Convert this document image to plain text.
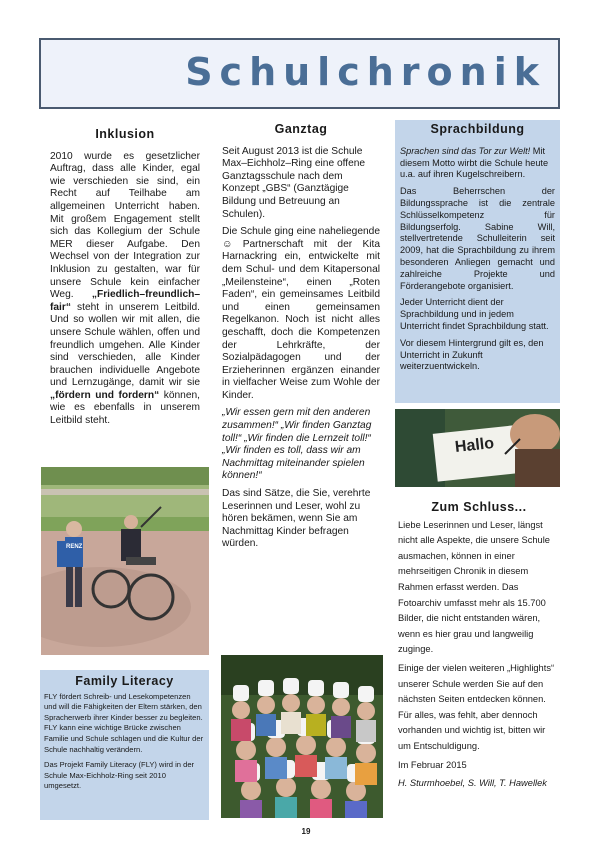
Schulchronik
Inklusion

2010 wurde es gesetzlicher Auftrag, dass alle Kinder, egal wie verschieden sie sind, ein Recht auf Teilhabe am allgemeinen Unterricht haben. Mit großem Engagement stellt sich das Kollegium der Schule MER dieser Aufgabe. Den Wechsel von der Integration zur Inklusion zu gestalten, war für unsere Schule kein einfacher Weg. „Friedlich–freundlich–fair“ steht in unserem Leitbild. Und so wollen wir mit allen, die unsere Schule wählen, offen und freundlich umgehen. Alle Kinder sind verschieden, alle Kinder brauchen individuelle Angebote und Lernzugänge, damit wir sie „fördern und fordern“ können, wie es ebenfalls in unserem Leitbild steht.

RENZ
Family Literacy

FLY fördert Schreib- und Lesekompetenzen und will die Fähigkeiten der Eltern stärken, den Spracherwerb ihrer Kinder besser zu begleiten. FLY kann eine wichtige Brücke zwischen Familie und Schule schlagen und die Kultur der Schule nachhaltig verändern.

Das Projekt Family Literacy (FLY) wird in der Schule Max-Eichholz-Ring seit 2010 umgesetzt.

Ganztag

Seit August 2013 ist die Schule Max–Eichholz–Ring eine offene Ganztagsschule nach dem Konzept „GBS“ (Ganztägige Bildung und Betreuung an Schulen).

Die Schule ging eine naheliegende ☺ Partnerschaft mit der Kita Harnackring ein, entwickelte mit dem Schul- und dem Kitapersonal „Meilensteine“, einen „Roten Faden“, ein gemeinsames Leitbild und einen gemeinsamen Regelkanon. Noch ist nicht alles geschafft, doch die Kompetenzen der Lehrkräfte, der Sozialpädagogen und der Erzieherinnen ergänzen einander in vielfacher Weise zum Wohle der Kinder.

„Wir essen gern mit den anderen zusammen!“ „Wir finden Ganztag toll!“ „Wir finden die Lernzeit toll!“ „Wir finden es toll, dass wir am Nachmittag miteinander spielen können!“

Das sind Sätze, die Sie, verehrte Leserinnen und Leser, wohl zu hören bekämen, wenn Sie am Nachmittag Kinder befragen würden.

Sprachbildung

Sprachen sind das Tor zur Welt! Mit diesem Motto wirbt die Schule heute u.a. auf ihren Kugelschreibern.

Das Beherrschen der Bildungssprache ist die zentrale Schlüsselkompetenz für Bildungserfolg. Sabine Will, stellvertretende Schulleiterin seit 2009, hat die Sprachbildung zu ihrem besonderen Anliegen gemacht und zahlreiche Projekte und Förderangebote organisiert.

Jeder Unterricht dient der Sprachbildung und in jedem Unterricht findet Sprachbildung statt.

Vor diesem Hintergrund gilt es, den Unterricht in Zukunft weiterzuentwickeln.

Hallo
Zum Schluss...

Liebe Leserinnen und Leser, längst nicht alle Aspekte, die unsere Schule ausmachen, können in einer mehrseitigen Chronik in diesem Rahmen erfasst werden. Das Fotoarchiv umfasst mehr als 15.700 Bilder, die nicht entstanden wären, wenn es hier grau und langweilig zuginge.

Einige der vielen weiteren „Highlights“ unserer Schule werden Sie auf den nächsten Seiten entdecken können. Für alles, was fehlt, aber dennoch vorhanden und wichtig ist, bitten wir um Entschuldigung.

Im Februar 2015

H. Sturmhoebel, S. Will, T. Hawellek

19
